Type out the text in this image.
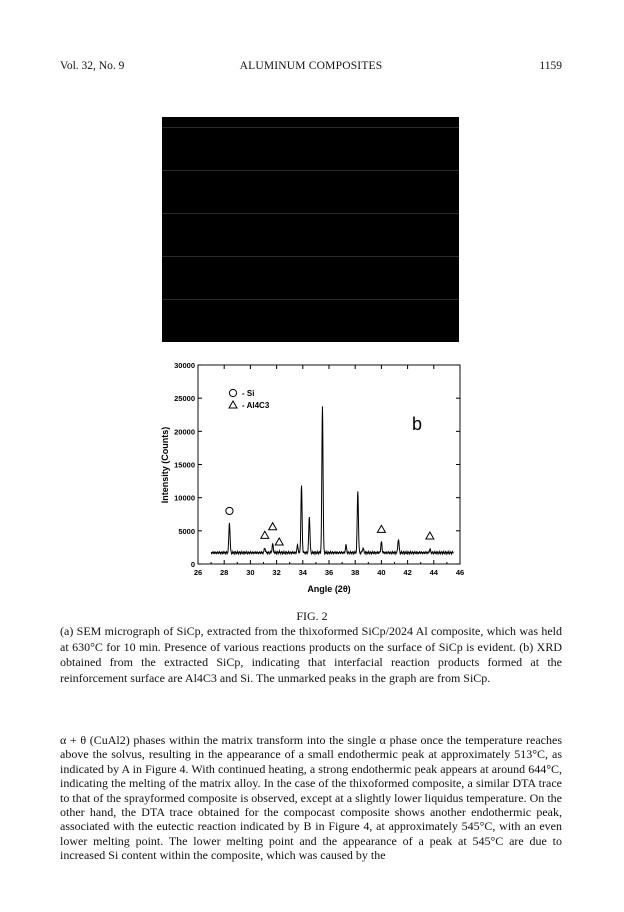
Vol. 32, No. 9	ALUMINUM COMPOSITES	1159
26 28 30 32 34 36 38 40 42 44 46
0
5000
10000
15000
20000
25000
30000
- Si
- Al4C3
b
Angle (2θ)
Intensity (Counts)
FIG. 2

(a) SEM micrograph of SiCp, extracted from the thixoformed SiCp/2024 Al composite, which was held at 630°C for 10 min. Presence of various reactions products on the surface of SiCp is evident. (b) XRD obtained from the extracted SiCp, indicating that interfacial reaction products formed at the reinforcement surface are Al4C3 and Si. The unmarked peaks in the graph are from SiCp.

α + θ (CuAl2) phases within the matrix transform into the single α phase once the temperature reaches above the solvus, resulting in the appearance of a small endothermic peak at approximately 513°C, as indicated by A in Figure 4. With continued heating, a strong endothermic peak appears at around 644°C, indicating the melting of the matrix alloy. In the case of the thixoformed composite, a similar DTA trace to that of the sprayformed composite is observed, except at a slightly lower liquidus temperature. On the other hand, the DTA trace obtained for the compocast composite shows another endothermic peak, associated with the eutectic reaction indicated by B in Figure 4, at approximately 545°C, with an even lower melting point. The lower melting point and the appearance of a peak at 545°C are due to increased Si content within the composite, which was caused by the
